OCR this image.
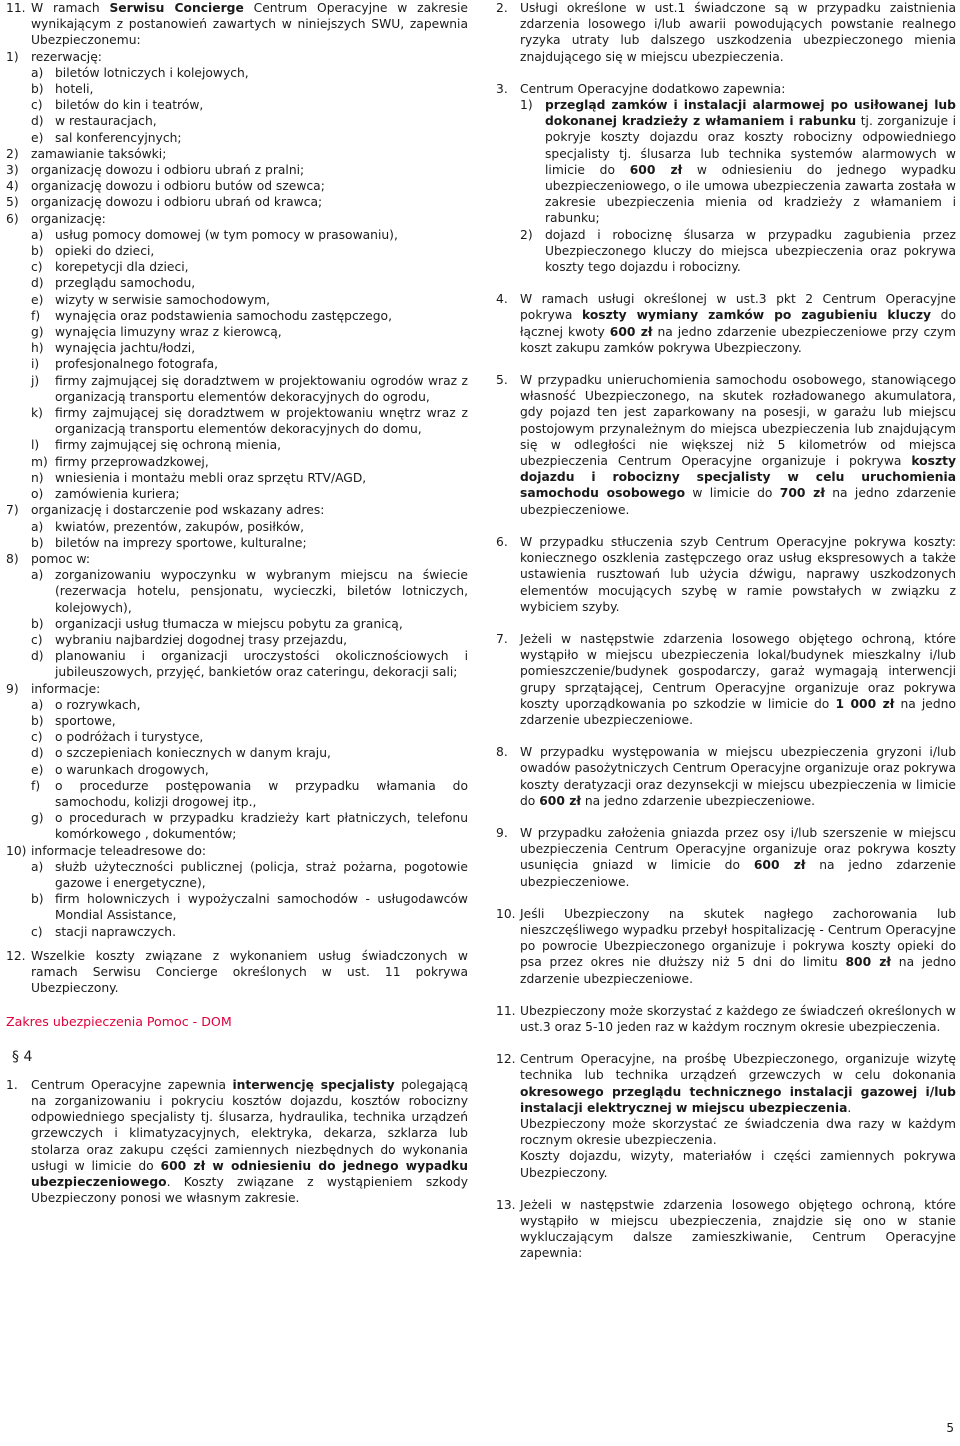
11. W ramach Serwisu Concierge Centrum Operacyjne w zakresie wynikającym z postanowień zawartych w niniejszych SWU, zapewnia Ubezpieczonemu:
1)	rezerwację:
a) biletów lotniczych i kolejowych,
b) hoteli,
c)	biletów do kin i teatrów,
d) w restauracjach,
e) sal konferencyjnych;
2)	zamawianie taksówki;
3)	organizację dowozu i odbioru ubrań z pralni;
4)	organizację dowozu i odbioru butów od szewca;
5)	organizację dowozu i odbioru ubrań od krawca;
6)	organizację:
a) usług pomocy domowej (w tym pomocy w prasowaniu),
b) opieki do dzieci,
c)	korepetycji dla dzieci,
d) przeglądu samochodu,
e) wizyty w serwisie samochodowym,
f)	wynajęcia oraz podstawienia samochodu zastępczego,
g) wynajęcia limuzyny wraz z kierowcą,
h) wynajęcia jachtu/łodzi,
i)	profesjonalnego fotografa,
j)	firmy zajmującej się doradztwem w projektowaniu ogrodów wraz z organizacją transportu elementów dekoracyjnych do ogrodu,
k) firmy zajmującej się doradztwem w projektowaniu wnętrz wraz z organizacją transportu elementów dekoracyjnych do domu,
l)	firmy zajmującej się ochroną mienia,
m) firmy przeprowadzkowej,
n) wniesienia i montażu mebli oraz sprzętu RTV/AGD,
o) zamówienia kuriera;
7)	organizację i dostarczenie pod wskazany adres:
a) kwiatów, prezentów, zakupów, posiłków,
b) biletów na imprezy sportowe, kulturalne;
8)	pomoc w:
a) zorganizowaniu wypoczynku w wybranym miejscu na świecie (rezerwacja hotelu, pensjonatu, wycieczki, biletów lotniczych, kolejowych),
b) organizacji usług tłumacza w miejscu pobytu za granicą,
c)	wybraniu najbardziej dogodnej trasy przejazdu,
d) planowaniu i organizacji uroczystości okolicznościowych i jubileuszowych, przyjęć, bankietów oraz cateringu, dekoracji sali;
9)	informacje:
a) o rozrywkach,
b) sportowe,
c)	o podróżach i turystyce,
d) o szczepieniach koniecznych w danym kraju,
e) o warunkach drogowych,
f)	o procedurze postępowania w przypadku włamania do samochodu, kolizji drogowej itp.,
g) o procedurach w przypadku kradzieży kart płatniczych, telefonu komórkowego , dokumentów;
10) informacje teleadresowe do:
a) służb użyteczności publicznej (policja, straż pożarna, pogotowie gazowe i energetyczne),
b) firm holowniczych i wypożyczalni samochodów - usługodawców Mondial Assistance,
c)	stacji naprawczych.
12. Wszelkie koszty związane z wykonaniem usług świadczonych w ramach Serwisu Concierge określonych w ust. 11 pokrywa Ubezpieczony.
Zakres ubezpieczenia Pomoc - DOM
§ 4
1.	Centrum Operacyjne zapewnia interwencję specjalisty polegającą na zorganizowaniu i pokryciu kosztów dojazdu, kosztów robocizny odpowiedniego specjalisty tj. ślusarza, hydraulika, technika urządzeń grzewczych i klimatyzacyjnych, elektryka, dekarza, szklarza lub stolarza oraz zakupu części zamiennych niezbędnych do wykonania usługi w limicie do 600 zł w odniesieniu do jednego wypadku ubezpieczeniowego. Koszty związane z wystąpieniem szkody Ubezpieczony ponosi we własnym zakresie.
2. Usługi określone w ust.1 świadczone są w przypadku zaistnienia zdarzenia losowego i/lub awarii powodujących powstanie realnego ryzyka utraty lub dalszego uszkodzenia ubezpieczonego mienia znajdującego się w miejscu ubezpieczenia.
3. Centrum Operacyjne dodatkowo zapewnia:
1)	przegląd zamków i instalacji alarmowej po usiłowanej lub dokonanej kradzieży z włamaniem i rabunku tj. zorganizuje i pokryje koszty dojazdu oraz koszty robocizny odpowiedniego specjalisty tj. ślusarza lub technika systemów alarmowych w limicie do 600 zł w odniesieniu do jednego wypadku ubezpieczeniowego, o ile umowa ubezpieczenia zawarta została w zakresie ubezpieczenia mienia od kradzieży z włamaniem i rabunku;
2)	dojazd i robociznę ślusarza w przypadku zagubienia przez Ubezpieczonego kluczy do miejsca ubezpieczenia oraz pokrywa koszty tego dojazdu i robocizny.
4. W ramach usługi określonej w ust.3 pkt 2 Centrum Operacyjne pokrywa koszty wymiany zamków po zagubieniu kluczy do łącznej kwoty 600 zł na jedno zdarzenie ubezpieczeniowe przy czym koszt zakupu zamków pokrywa Ubezpieczony.
5. W przypadku unieruchomienia samochodu osobowego, stanowiącego własność Ubezpieczonego, na skutek rozładowanego akumulatora, gdy pojazd ten jest zaparkowany na posesji, w garażu lub miejscu postojowym przynależnym do miejsca ubezpieczenia lub znajdującym się w odległości nie większej niż 5 kilometrów od miejsca ubezpieczenia Centrum Operacyjne organizuje i pokrywa koszty dojazdu i robocizny specjalisty w celu uruchomienia samochodu osobowego w limicie do 700 zł na jedno zdarzenie ubezpieczeniowe.
6. W przypadku stłuczenia szyb Centrum Operacyjne pokrywa koszty: koniecznego oszklenia zastępczego oraz usług ekspresowych a także ustawienia rusztowań lub użycia dźwigu, naprawy uszkodzonych elementów mocujących szybę w ramie powstałych w związku z wybiciem szyby.
7. Jeżeli w następstwie zdarzenia losowego objętego ochroną, które wystąpiło w miejscu ubezpieczenia lokal/budynek mieszkalny i/lub pomieszczenie/budynek gospodarczy, garaż wymagają interwencji grupy sprzątającej, Centrum Operacyjne organizuje oraz pokrywa koszty uporządkowania po szkodzie w limicie do 1 000 zł na jedno zdarzenie ubezpieczeniowe.
8. W przypadku występowania w miejscu ubezpieczenia gryzoni i/lub owadów pasożytniczych Centrum Operacyjne organizuje oraz pokrywa koszty deratyzacji oraz dezynsekcji w miejscu ubezpieczenia w limicie do 600 zł na jedno zdarzenie ubezpieczeniowe.
9. W przypadku założenia gniazda przez osy i/lub szerszenie w miejscu ubezpieczenia Centrum Operacyjne organizuje oraz pokrywa koszty usunięcia gniazd w limicie do 600 zł na jedno zdarzenie ubezpieczeniowe.
10. Jeśli Ubezpieczony na skutek nagłego zachorowania lub nieszczęśliwego wypadku przebył hospitalizację - Centrum Operacyjne po powrocie Ubezpieczonego organizuje i pokrywa koszty opieki do psa przez okres nie dłuższy niż 5 dni do limitu 800 zł na jedno zdarzenie ubezpieczeniowe.
11. Ubezpieczony może skorzystać z każdego ze świadczeń określonych w ust.3 oraz 5-10 jeden raz w każdym rocznym okresie ubezpieczenia.
12. Centrum Operacyjne, na prośbę Ubezpieczonego, organizuje wizytę technika lub technika urządzeń grzewczych w celu dokonania okresowego przeglądu technicznego instalacji gazowej i/lub instalacji elektrycznej w miejscu ubezpieczenia.
Ubezpieczony może skorzystać ze świadczenia dwa razy w każdym rocznym okresie ubezpieczenia.
Koszty dojazdu, wizyty, materiałów i części zamiennych pokrywa Ubezpieczony.
13. Jeżeli w następstwie zdarzenia losowego objętego ochroną, które wystąpiło w miejscu ubezpieczenia, znajdzie się ono w stanie wykluczającym dalsze zamieszkiwanie, Centrum Operacyjne zapewnia:
5
